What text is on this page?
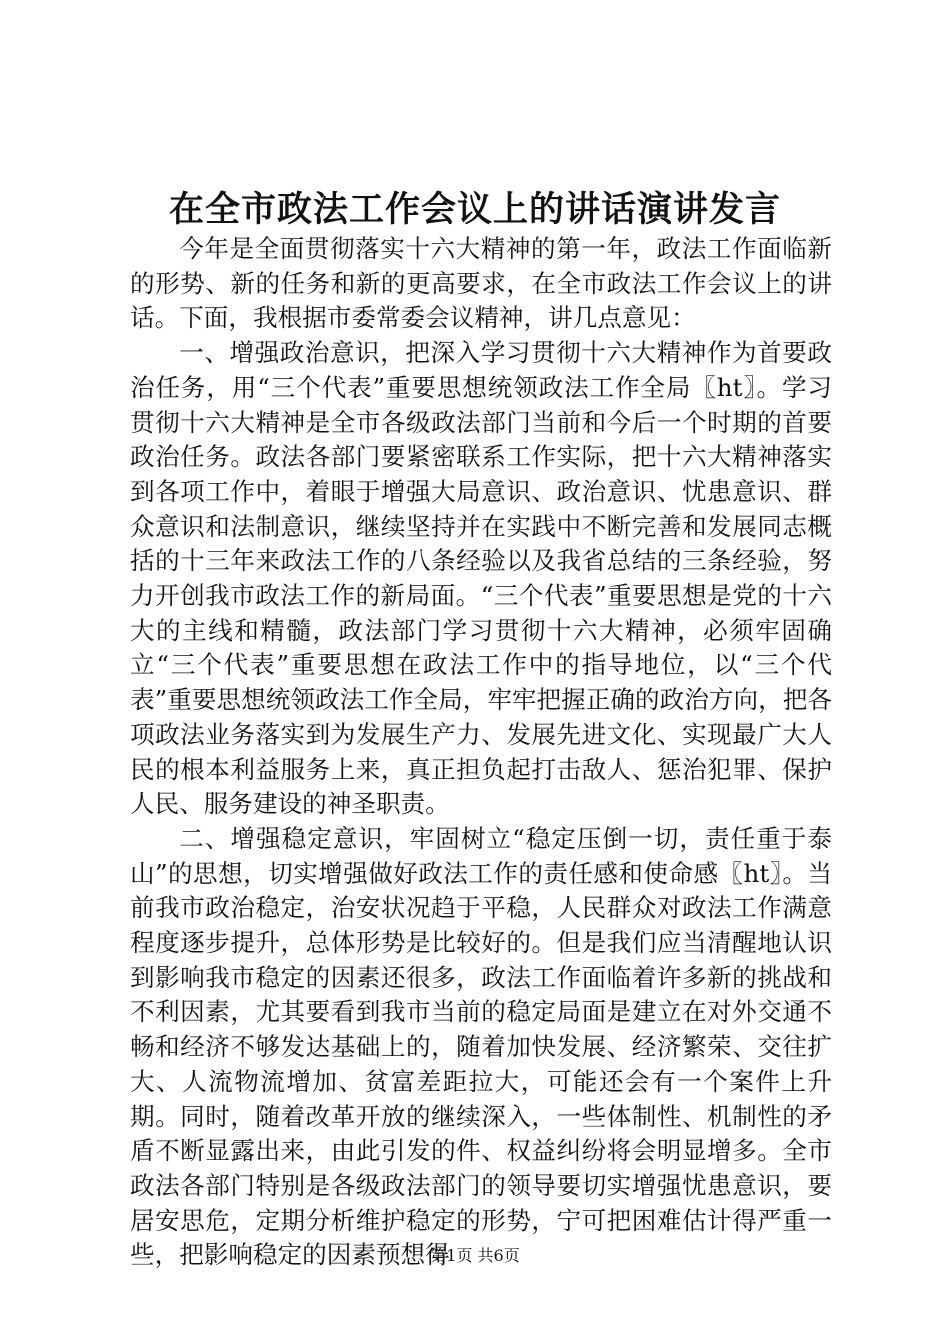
在全市政法工作会议上的讲话演讲发言

今年是全面贯彻落实十六大精神的第一年，政法工作面临新的形势、新的任务和新的更高要求，在全市政法工作会议上的讲话。下面，我根据市委常委会议精神，讲几点意见：

一、增强政治意识，把深入学习贯彻十六大精神作为首要政治任务，用“三个代表”重要思想统领政法工作全局〖ht〗。学习贯彻十六大精神是全市各级政法部门当前和今后一个时期的首要政治任务。政法各部门要紧密联系工作实际，把十六大精神落实到各项工作中，着眼于增强大局意识、政治意识、忧患意识、群众意识和法制意识，继续坚持并在实践中不断完善和发展同志概括的十三年来政法工作的八条经验以及我省总结的三条经验，努力开创我市政法工作的新局面。“三个代表”重要思想是党的十六大的主线和精髓，政法部门学习贯彻十六大精神，必须牢固确立“三个代表”重要思想在政法工作中的指导地位，以“三个代表”重要思想统领政法工作全局，牢牢把握正确的政治方向，把各项政法业务落实到为发展生产力、发展先进文化、实现最广大人民的根本利益服务上来，真正担负起打击敌人、惩治犯罪、保护人民、服务建设的神圣职责。

二、增强稳定意识，牢固树立“稳定压倒一切，责任重于泰山”的思想，切实增强做好政法工作的责任感和使命感〖ht〗。当前我市政治稳定，治安状况趋于平稳，人民群众对政法工作满意程度逐步提升，总体形势是比较好的。但是我们应当清醒地认识到影响我市稳定的因素还很多，政法工作面临着许多新的挑战和不利因素，尤其要看到我市当前的稳定局面是建立在对外交通不畅和经济不够发达基础上的，随着加快发展、经济繁荣、交往扩大、人流物流增加、贫富差距拉大，可能还会有一个案件上升期。同时，随着改革开放的继续深入，一些体制性、机制性的矛盾不断显露出来，由此引发的件、权益纠纷将会明显增多。全市政法各部门特别是各级政法部门的领导要切实增强忧患意识，要居安思危，定期分析维护稳定的形势，宁可把困难估计得严重一些，把影响稳定的因素预想得

第1页 共6页
